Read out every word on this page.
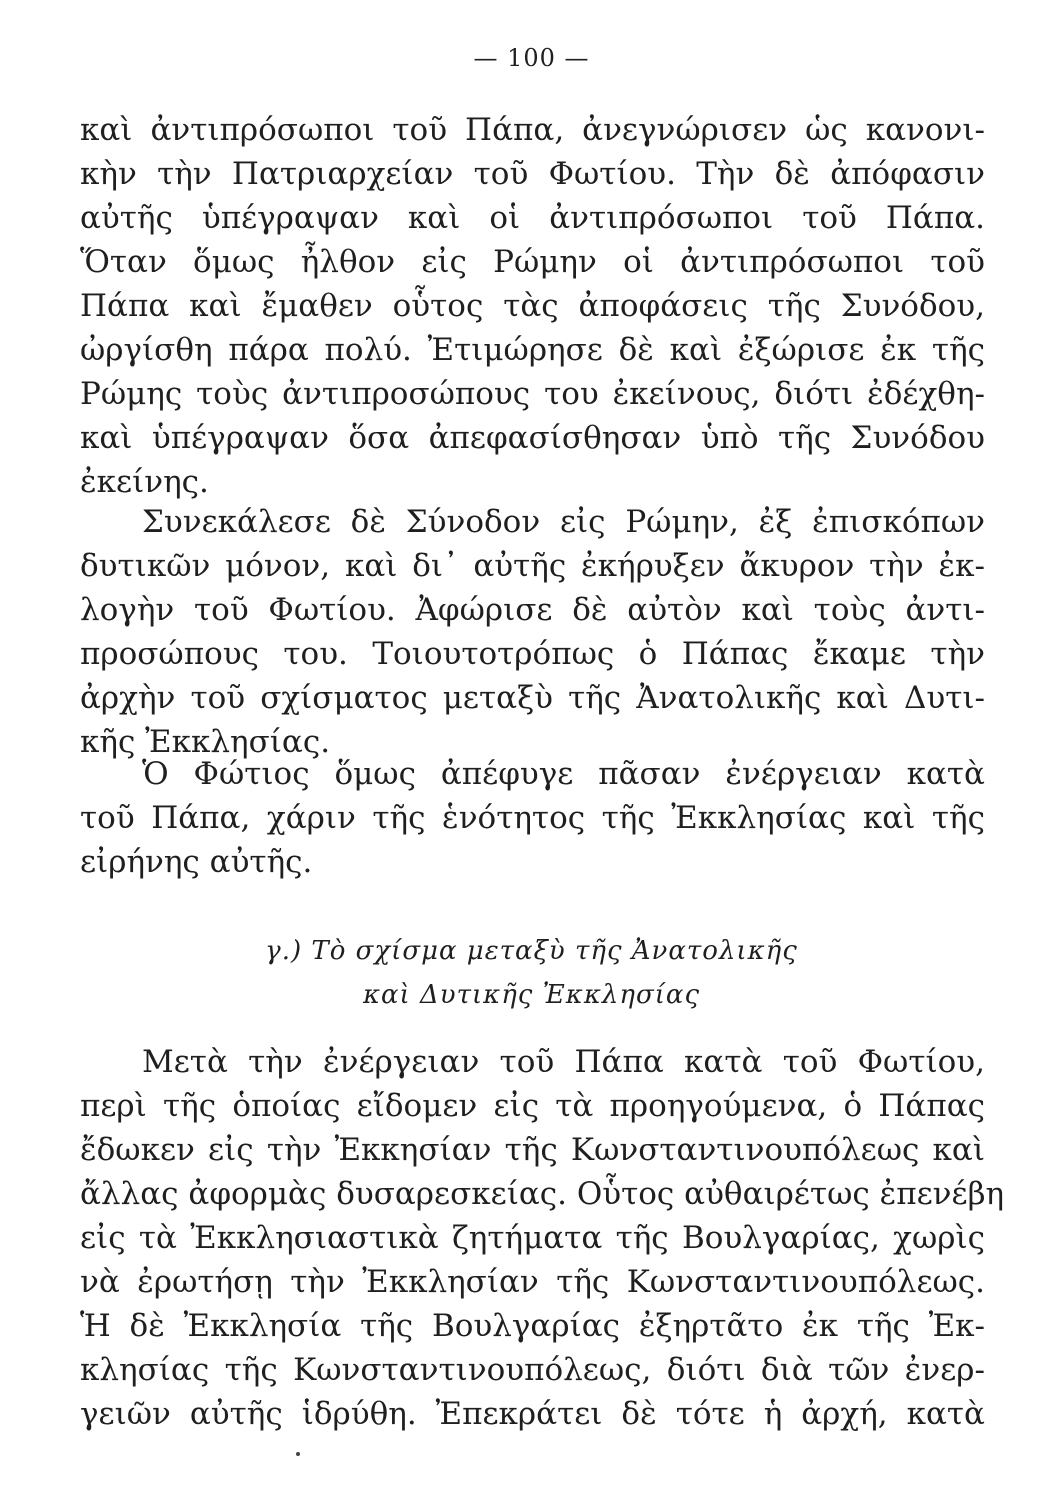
— 100 —
καὶ ἀντιπρόσωποι τοῦ Πάπα, ἀνεγνώρισεν ὡς κανονι-
κὴν τὴν Πατριαρχείαν τοῦ Φωτίου. Τὴν δὲ ἀπόφασιν
αὐτῆς ὑπέγραψαν καὶ οἱ ἀντιπρόσωποι τοῦ Πάπα.
Ὅταν ὅμως ἦλθον εἰς Ρώμην οἱ ἀντιπρόσωποι τοῦ
Πάπα καὶ ἔμαθεν οὗτος τὰς ἀποφάσεις τῆς Συνόδου,
ὠργίσθη πάρα πολύ. Ἐτιμώρησε δὲ καὶ ἐξώρισε ἐκ τῆς
Ρώμης τοὺς ἀντιπροσώπους του ἐκείνους, διότι ἐδέχθη-
καὶ ὑπέγραψαν ὅσα ἀπεφασίσθησαν ὑπὸ τῆς Συνόδου
ἐκείνης.
Συνεκάλεσε δὲ Σύνοδον εἰς Ρώμην, ἐξ ἐπισκόπων
δυτικῶν μόνον, καὶ δι᾿ αὐτῆς ἐκήρυξεν ἄκυρον τὴν ἐκ-
λογὴν τοῦ Φωτίου. Ἀφώρισε δὲ αὐτὸν καὶ τοὺς ἀντι-
προσώπους του. Τοιουτοτρόπως ὁ Πάπας ἔκαμε τὴν
ἀρχὴν τοῦ σχίσματος μεταξὺ τῆς Ἀνατολικῆς καὶ Δυτι-
κῆς Ἐκκλησίας.
Ὁ Φώτιος ὅμως ἀπέφυγε πᾶσαν ἐνέργειαν κατὰ
τοῦ Πάπα, χάριν τῆς ἑνότητος τῆς Ἐκκλησίας καὶ τῆς
εἰρήνης αὐτῆς.
γ.) Τὸ σχίσμα μεταξὺ τῆς Ἀνατολικῆς
καὶ Δυτικῆς Ἐκκλησίας
Μετὰ τὴν ἐνέργειαν τοῦ Πάπα κατὰ τοῦ Φωτίου,
περὶ τῆς ὁποίας εἴδομεν εἰς τὰ προηγούμενα, ὁ Πάπας
ἔδωκεν εἰς τὴν Ἐκκησίαν τῆς Κωνσταντινουπόλεως καὶ
ἄλλας ἀφορμὰς δυσαρεσκείας. Οὗτος αὐθαιρέτως ἐπενέβη
εἰς τὰ Ἐκκλησιαστικὰ ζητήματα τῆς Βουλγαρίας, χωρὶς
νὰ ἐρωτήσῃ τὴν Ἐκκλησίαν τῆς Κωνσταντινουπόλεως.
Ἡ δὲ Ἐκκλησία τῆς Βουλγαρίας ἐξηρτᾶτο ἐκ τῆς Ἐκ-
κλησίας τῆς Κωνσταντινουπόλεως, διότι διὰ τῶν ἐνερ-
γειῶν αὐτῆς ἱδρύθη. Ἐπεκράτει δὲ τότε ἡ ἀρχή, κατὰ
